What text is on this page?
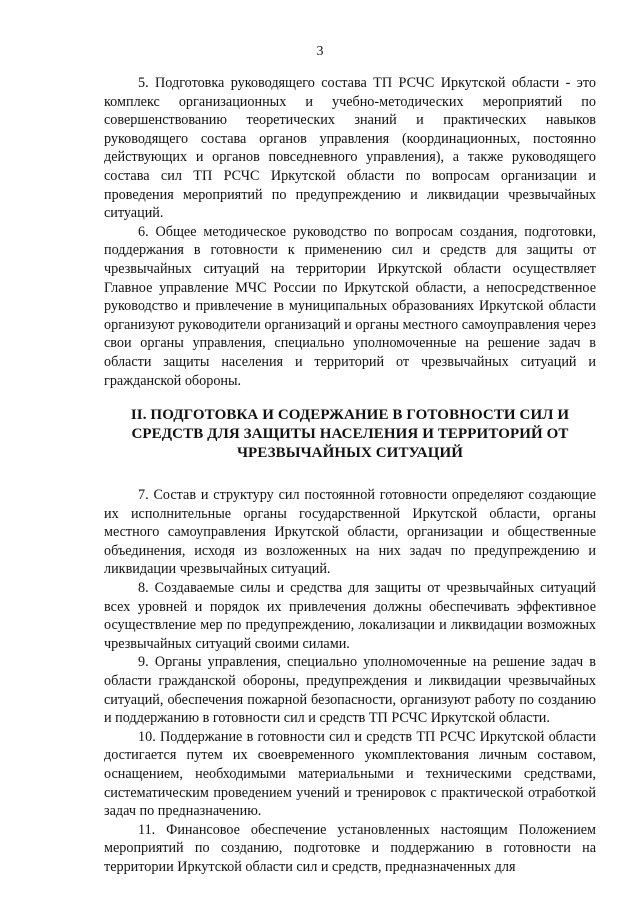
3

5. Подготовка руководящего состава ТП РСЧС Иркутской области - это комплекс организационных и учебно-методических мероприятий по совершенствованию теоретических знаний и практических навыков руководящего состава органов управления (координационных, постоянно действующих и органов повседневного управления), а также руководящего состава сил ТП РСЧС Иркутской области по вопросам организации и проведения мероприятий по предупреждению и ликвидации чрезвычайных ситуаций.

6. Общее методическое руководство по вопросам создания, подготовки, поддержания в готовности к применению сил и средств для защиты от чрезвычайных ситуаций на территории Иркутской области осуществляет Главное управление МЧС России по Иркутской области, а непосредственное руководство и привлечение в муниципальных образованиях Иркутской области организуют руководители организаций и органы местного самоуправления через свои органы управления, специально уполномоченные на решение задач в области защиты населения и территорий от чрезвычайных ситуаций и гражданской обороны.

II. ПОДГОТОВКА И СОДЕРЖАНИЕ В ГОТОВНОСТИ СИЛ И СРЕДСТВ ДЛЯ ЗАЩИТЫ НАСЕЛЕНИЯ И ТЕРРИТОРИЙ ОТ ЧРЕЗВЫЧАЙНЫХ СИТУАЦИЙ

7. Состав и структуру сил постоянной готовности определяют создающие их исполнительные органы государственной Иркутской области, органы местного самоуправления Иркутской области, организации и общественные объединения, исходя из возложенных на них задач по предупреждению и ликвидации чрезвычайных ситуаций.

8. Создаваемые силы и средства для защиты от чрезвычайных ситуаций всех уровней и порядок их привлечения должны обеспечивать эффективное осуществление мер по предупреждению, локализации и ликвидации возможных чрезвычайных ситуаций своими силами.

9. Органы управления, специально уполномоченные на решение задач в области гражданской обороны, предупреждения и ликвидации чрезвычайных ситуаций, обеспечения пожарной безопасности, организуют работу по созданию и поддержанию в готовности сил и средств ТП РСЧС Иркутской области.

10. Поддержание в готовности сил и средств ТП РСЧС Иркутской области достигается путем их своевременного укомплектования личным составом, оснащением, необходимыми материальными и техническими средствами, систематическим проведением учений и тренировок с практической отработкой задач по предназначению.

11. Финансовое обеспечение установленных настоящим Положением мероприятий по созданию, подготовке и поддержанию в готовности на территории Иркутской области сил и средств, предназначенных для
